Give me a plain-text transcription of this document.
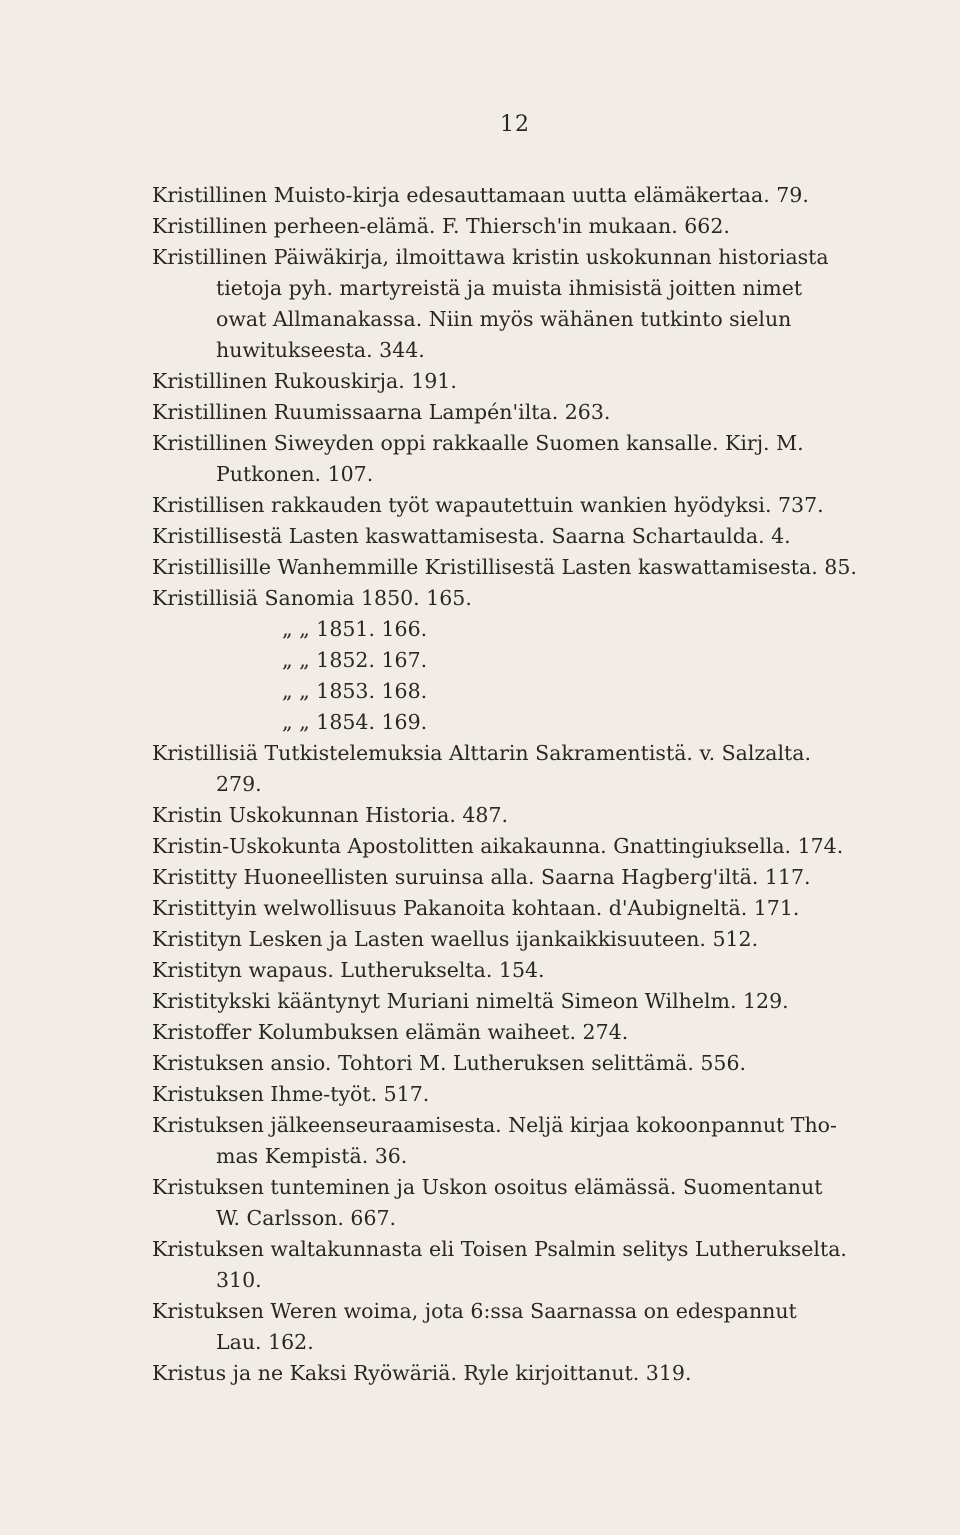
12
Kristillinen Muisto-kirja edesauttamaan uutta elämäkertaa. 79.
Kristillinen perheen-elämä. F. Thiersch'in mukaan. 662.
Kristillinen Päiwäkirja, ilmoittawa kristin uskokunnan historiasta
tietoja pyh. martyreistä ja muista ihmisistä joitten nimet
owat Allmanakassa. Niin myös wähänen tutkinto sielun
huwitukseesta. 344.
Kristillinen Rukouskirja. 191.
Kristillinen Ruumissaarna Lampén'ilta. 263.
Kristillinen Siweyden oppi rakkaalle Suomen kansalle. Kirj. M.
Putkonen. 107.
Kristillisen rakkauden työt wapautettuin wankien hyödyksi. 737.
Kristillisestä Lasten kaswattamisesta. Saarna Schartaulda. 4.
Kristillisille Wanhemmille Kristillisestä Lasten kaswattamisesta. 85.
Kristillisiä Sanomia 1850. 165.
„ „ 1851. 166.
„ „ 1852. 167.
„ „ 1853. 168.
„ „ 1854. 169.
Kristillisiä Tutkistelemuksia Alttarin Sakramentistä. v. Salzalta.
279.
Kristin Uskokunnan Historia. 487.
Kristin-Uskokunta Apostolitten aikakaunna. Gnattingiuksella. 174.
Kristitty Huoneellisten suruinsa alla. Saarna Hagberg'iltä. 117.
Kristittyin welwollisuus Pakanoita kohtaan. d'Aubigneltä. 171.
Kristityn Lesken ja Lasten waellus ijankaikkisuuteen. 512.
Kristityn wapaus. Lutherukselta. 154.
Kristitykski kääntynyt Muriani nimeltä Simeon Wilhelm. 129.
Kristoffer Kolumbuksen elämän waiheet. 274.
Kristuksen ansio. Tohtori M. Lutheruksen selittämä. 556.
Kristuksen Ihme-työt. 517.
Kristuksen jälkeenseuraamisesta. Neljä kirjaa kokoonpannut Tho-
mas Kempistä. 36.
Kristuksen tunteminen ja Uskon osoitus elämässä. Suomentanut
W. Carlsson. 667.
Kristuksen waltakunnasta eli Toisen Psalmin selitys Lutherukselta.
310.
Kristuksen Weren woima, jota 6:ssa Saarnassa on edespannut
Lau. 162.
Kristus ja ne Kaksi Ryöwäriä. Ryle kirjoittanut. 319.
